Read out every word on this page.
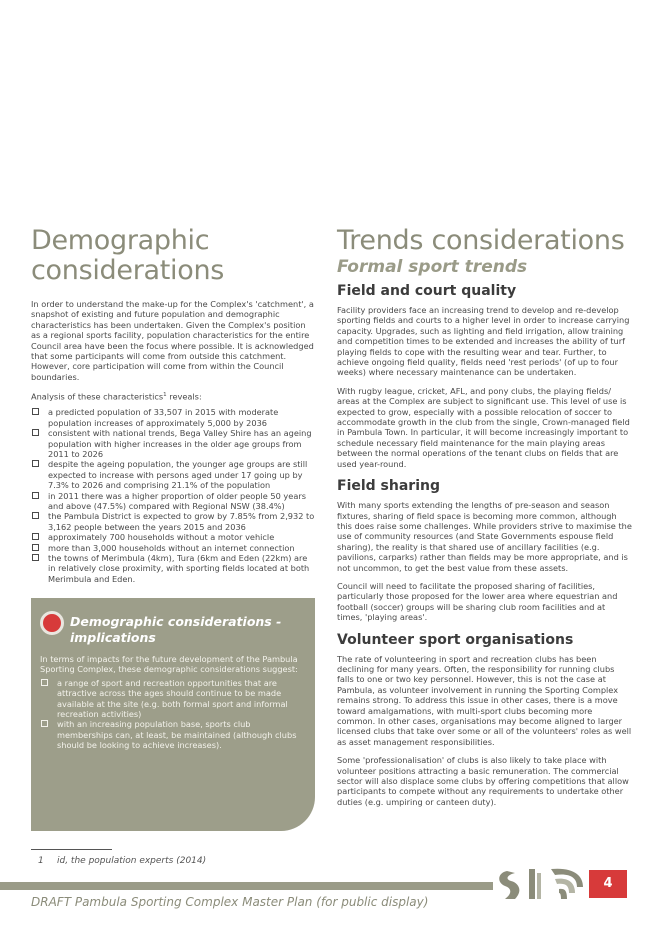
Demographic
considerations

In order to understand the make-up for the Complex's 'catchment', a snapshot of existing and future population and demographic characteristics has been undertaken. Given the Complex's position as a regional sports facility, population characteristics for the entire Council area have been the focus where possible. It is acknowledged that some participants will come from outside this catchment. However, core participation will come from within the Council boundaries.

Analysis of these characteristics$^1$ reveals:

a predicted population of 33,507 in 2015 with moderate population increases of approximately 5,000 by 2036
consistent with national trends, Bega Valley Shire has an ageing population with higher increases in the older age groups from 2011 to 2026
despite the ageing population, the younger age groups are still expected to increase with persons aged under 17 going up by 7.3% to 2026 and comprising 21.1% of the population
in 2011 there was a higher proportion of older people 50 years and above (47.5%) compared with Regional NSW (38.4%)
the Pambula District is expected to grow by 7.85% from 2,932 to 3,162 people between the years 2015 and 2036
approximately 700 households without a motor vehicle
more than 3,000 households without an internet connection
the towns of Merimbula (4km), Tura (6km and Eden (22km) are in relatively close proximity, with sporting fields located at both Merimbula and Eden.
Demographic considerations -
implications

In terms of impacts for the future development of the Pambula Sporting Complex, these demographic considerations suggest:

a range of sport and recreation opportunities that are attractive across the ages should continue to be made available at the site (e.g. both formal sport and informal recreation activities)
with an increasing population base, sports club memberships can, at least, be maintained (although clubs should be looking to achieve increases).
Trends considerations
Formal sport trends
Field and court quality

Facility providers face an increasing trend to develop and re-develop sporting fields and courts to a higher level in order to increase carrying capacity. Upgrades, such as lighting and field irrigation, allow training and competition times to be extended and increases the ability of turf playing fields to cope with the resulting wear and tear. Further, to achieve ongoing field quality, fields need 'rest periods' (of up to four weeks) where necessary maintenance can be undertaken.

With rugby league, cricket, AFL, and pony clubs, the playing fields/ areas at the Complex are subject to significant use. This level of use is expected to grow, especially with a possible relocation of soccer to accommodate growth in the club from the single, Crown-managed field in Pambula Town. In particular, it will become increasingly important to schedule necessary field maintenance for the main playing areas between the normal operations of the tenant clubs on fields that are used year-round.

Field sharing

With many sports extending the lengths of pre-season and season fixtures, sharing of field space is becoming more common, although this does raise some challenges. While providers strive to maximise the use of community resources (and State Governments espouse field sharing), the reality is that shared use of ancillary facilities (e.g. pavilions, carparks) rather than fields may be more appropriate, and is not uncommon, to get the best value from these assets.

Council will need to facilitate the proposed sharing of facilities, particularly those proposed for the lower area where equestrian and football (soccer) groups will be sharing club room facilities and at times, 'playing areas'.

Volunteer sport organisations

The rate of volunteering in sport and recreation clubs has been declining for many years. Often, the responsibility for running clubs falls to one or two key personnel. However, this is not the case at Pambula, as volunteer involvement in running the Sporting Complex remains strong. To address this issue in other cases, there is a move toward amalgamations, with multi-sport clubs becoming more common. In other cases, organisations may become aligned to larger licensed clubs that take over some or all of the volunteers' roles as well as asset management responsibilities.

Some 'professionalisation' of clubs is also likely to take place with volunteer positions attracting a basic remuneration. The commercial sector will also displace some clubs by offering competitions that allow participants to compete without any requirements to undertake other duties (e.g. umpiring or canteen duty).

1 id, the population experts (2014)
4
DRAFT Pambula Sporting Complex Master Plan (for public display)
